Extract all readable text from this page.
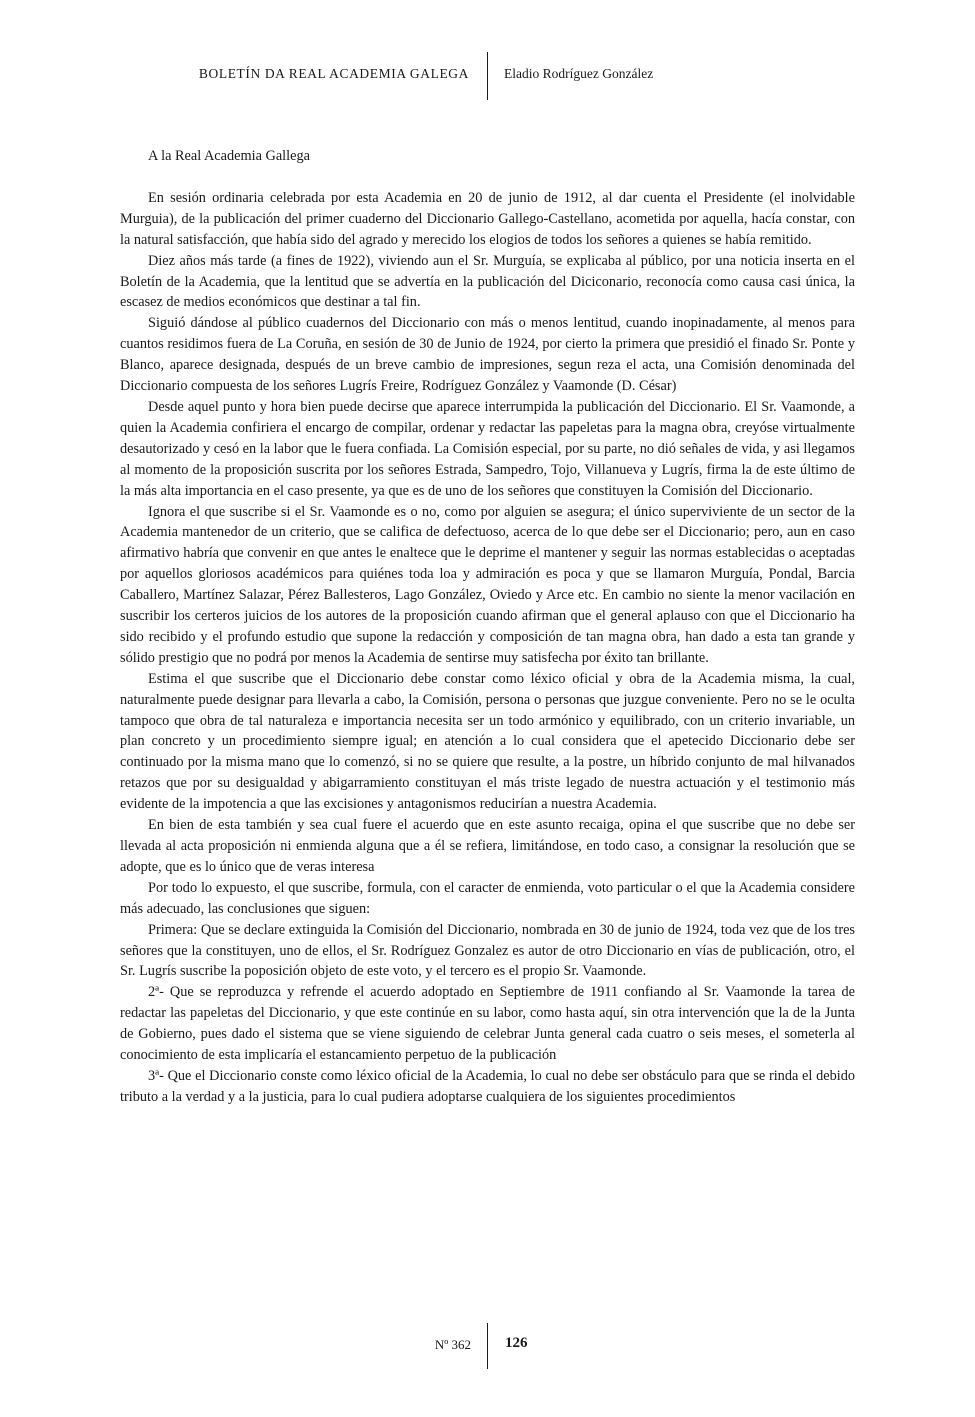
BOLETÍN DA REAL ACADEMIA GALEGA	Eladio Rodríguez González
A la Real Academia Gallega

En sesión ordinaria celebrada por esta Academia en 20 de junio de 1912, al dar cuenta el Presidente (el inolvidable Murguia), de la publicación del primer cuaderno del Diccionario Gallego-Castellano, acometida por aquella, hacía constar, con la natural satisfacción, que había sido del agrado y merecido los elogios de todos los señores a quienes se había remitido.

Diez años más tarde (a fines de 1922), viviendo aun el Sr. Murguía, se explicaba al público, por una noticia inserta en el Boletín de la Academia, que la lentitud que se advertía en la publicación del Diciconario, reconocía como causa casi única, la escasez de medios económicos que destinar a tal fin.

Siguió dándose al público cuadernos del Diccionario con más o menos lentitud, cuando inopinadamente, al menos para cuantos residimos fuera de La Coruña, en sesión de 30 de Junio de 1924, por cierto la primera que presidió el finado Sr. Ponte y Blanco, aparece designada, después de un breve cambio de impresiones, segun reza el acta, una Comisión denominada del Diccionario compuesta de los señores Lugrís Freire, Rodríguez González y Vaamonde (D. César)

Desde aquel punto y hora bien puede decirse que aparece interrumpida la publicación del Diccionario. El Sr. Vaamonde, a quien la Academia confiriera el encargo de compilar, ordenar y redactar las papeletas para la magna obra, creyóse virtualmente desautorizado y cesó en la labor que le fuera confiada. La Comisión especial, por su parte, no dió señales de vida, y asi llegamos al momento de la proposición suscrita por los señores Estrada, Sampedro, Tojo, Villanueva y Lugrís, firma la de este último de la más alta importancia en el caso presente, ya que es de uno de los señores que constituyen la Comisión del Diccionario.

Ignora el que suscribe si el Sr. Vaamonde es o no, como por alguien se asegura; el único superviviente de un sector de la Academia mantenedor de un criterio, que se califica de defectuoso, acerca de lo que debe ser el Diccionario; pero, aun en caso afirmativo habría que convenir en que antes le enaltece que le deprime el mantener y seguir las normas establecidas o aceptadas por aquellos gloriosos académicos para quiénes toda loa y admiración es poca y que se llamaron Murguía, Pondal, Barcia Caballero, Martínez Salazar, Pérez Ballesteros, Lago González, Oviedo y Arce etc. En cambio no siente la menor vacilación en suscribir los certeros juicios de los autores de la proposición cuando afirman que el general aplauso con que el Diccionario ha sido recibido y el profundo estudio que supone la redacción y composición de tan magna obra, han dado a esta tan grande y sólido prestigio que no podrá por menos la Academia de sentirse muy satisfecha por éxito tan brillante.

Estima el que suscribe que el Diccionario debe constar como léxico oficial y obra de la Academia misma, la cual, naturalmente puede designar para llevarla a cabo, la Comisión, persona o personas que juzgue conveniente. Pero no se le oculta tampoco que obra de tal naturaleza e importancia necesita ser un todo armónico y equilibrado, con un criterio invariable, un plan concreto y un procedimiento siempre igual; en atención a lo cual considera que el apetecido Diccionario debe ser continuado por la misma mano que lo comenzó, si no se quiere que resulte, a la postre, un híbrido conjunto de mal hilvanados retazos que por su desigualdad y abigarramiento constituyan el más triste legado de nuestra actuación y el testimonio más evidente de la impotencia a que las excisiones y antagonismos reducirían a nuestra Academia.

En bien de esta también y sea cual fuere el acuerdo que en este asunto recaiga, opina el que suscribe que no debe ser llevada al acta proposición ni enmienda alguna que a él se refiera, limitándose, en todo caso, a consignar la resolución que se adopte, que es lo único que de veras interesa

Por todo lo expuesto, el que suscribe, formula, con el caracter de enmienda, voto particular o el que la Academia considere más adecuado, las conclusiones que siguen:

Primera: Que se declare extinguida la Comisión del Diccionario, nombrada en 30 de junio de 1924, toda vez que de los tres señores que la constituyen, uno de ellos, el Sr. Rodríguez Gonzalez es autor de otro Diccionario en vías de publicación, otro, el Sr. Lugrís suscribe la poposición objeto de este voto, y el tercero es el propio Sr. Vaamonde.

2ª- Que se reproduzca y refrende el acuerdo adoptado en Septiembre de 1911 confiando al Sr. Vaamonde la tarea de redactar las papeletas del Diccionario, y que este continúe en su labor, como hasta aquí, sin otra intervención que la de la Junta de Gobierno, pues dado el sistema que se viene siguiendo de celebrar Junta general cada cuatro o seis meses, el someterla al conocimiento de esta implicaría el estancamiento perpetuo de la publicación

3ª- Que el Diccionario conste como léxico oficial de la Academia, lo cual no debe ser obstáculo para que se rinda el debido tributo a la verdad y a la justicia, para lo cual pudiera adoptarse cualquiera de los siguientes procedimientos

Nº 362 126
